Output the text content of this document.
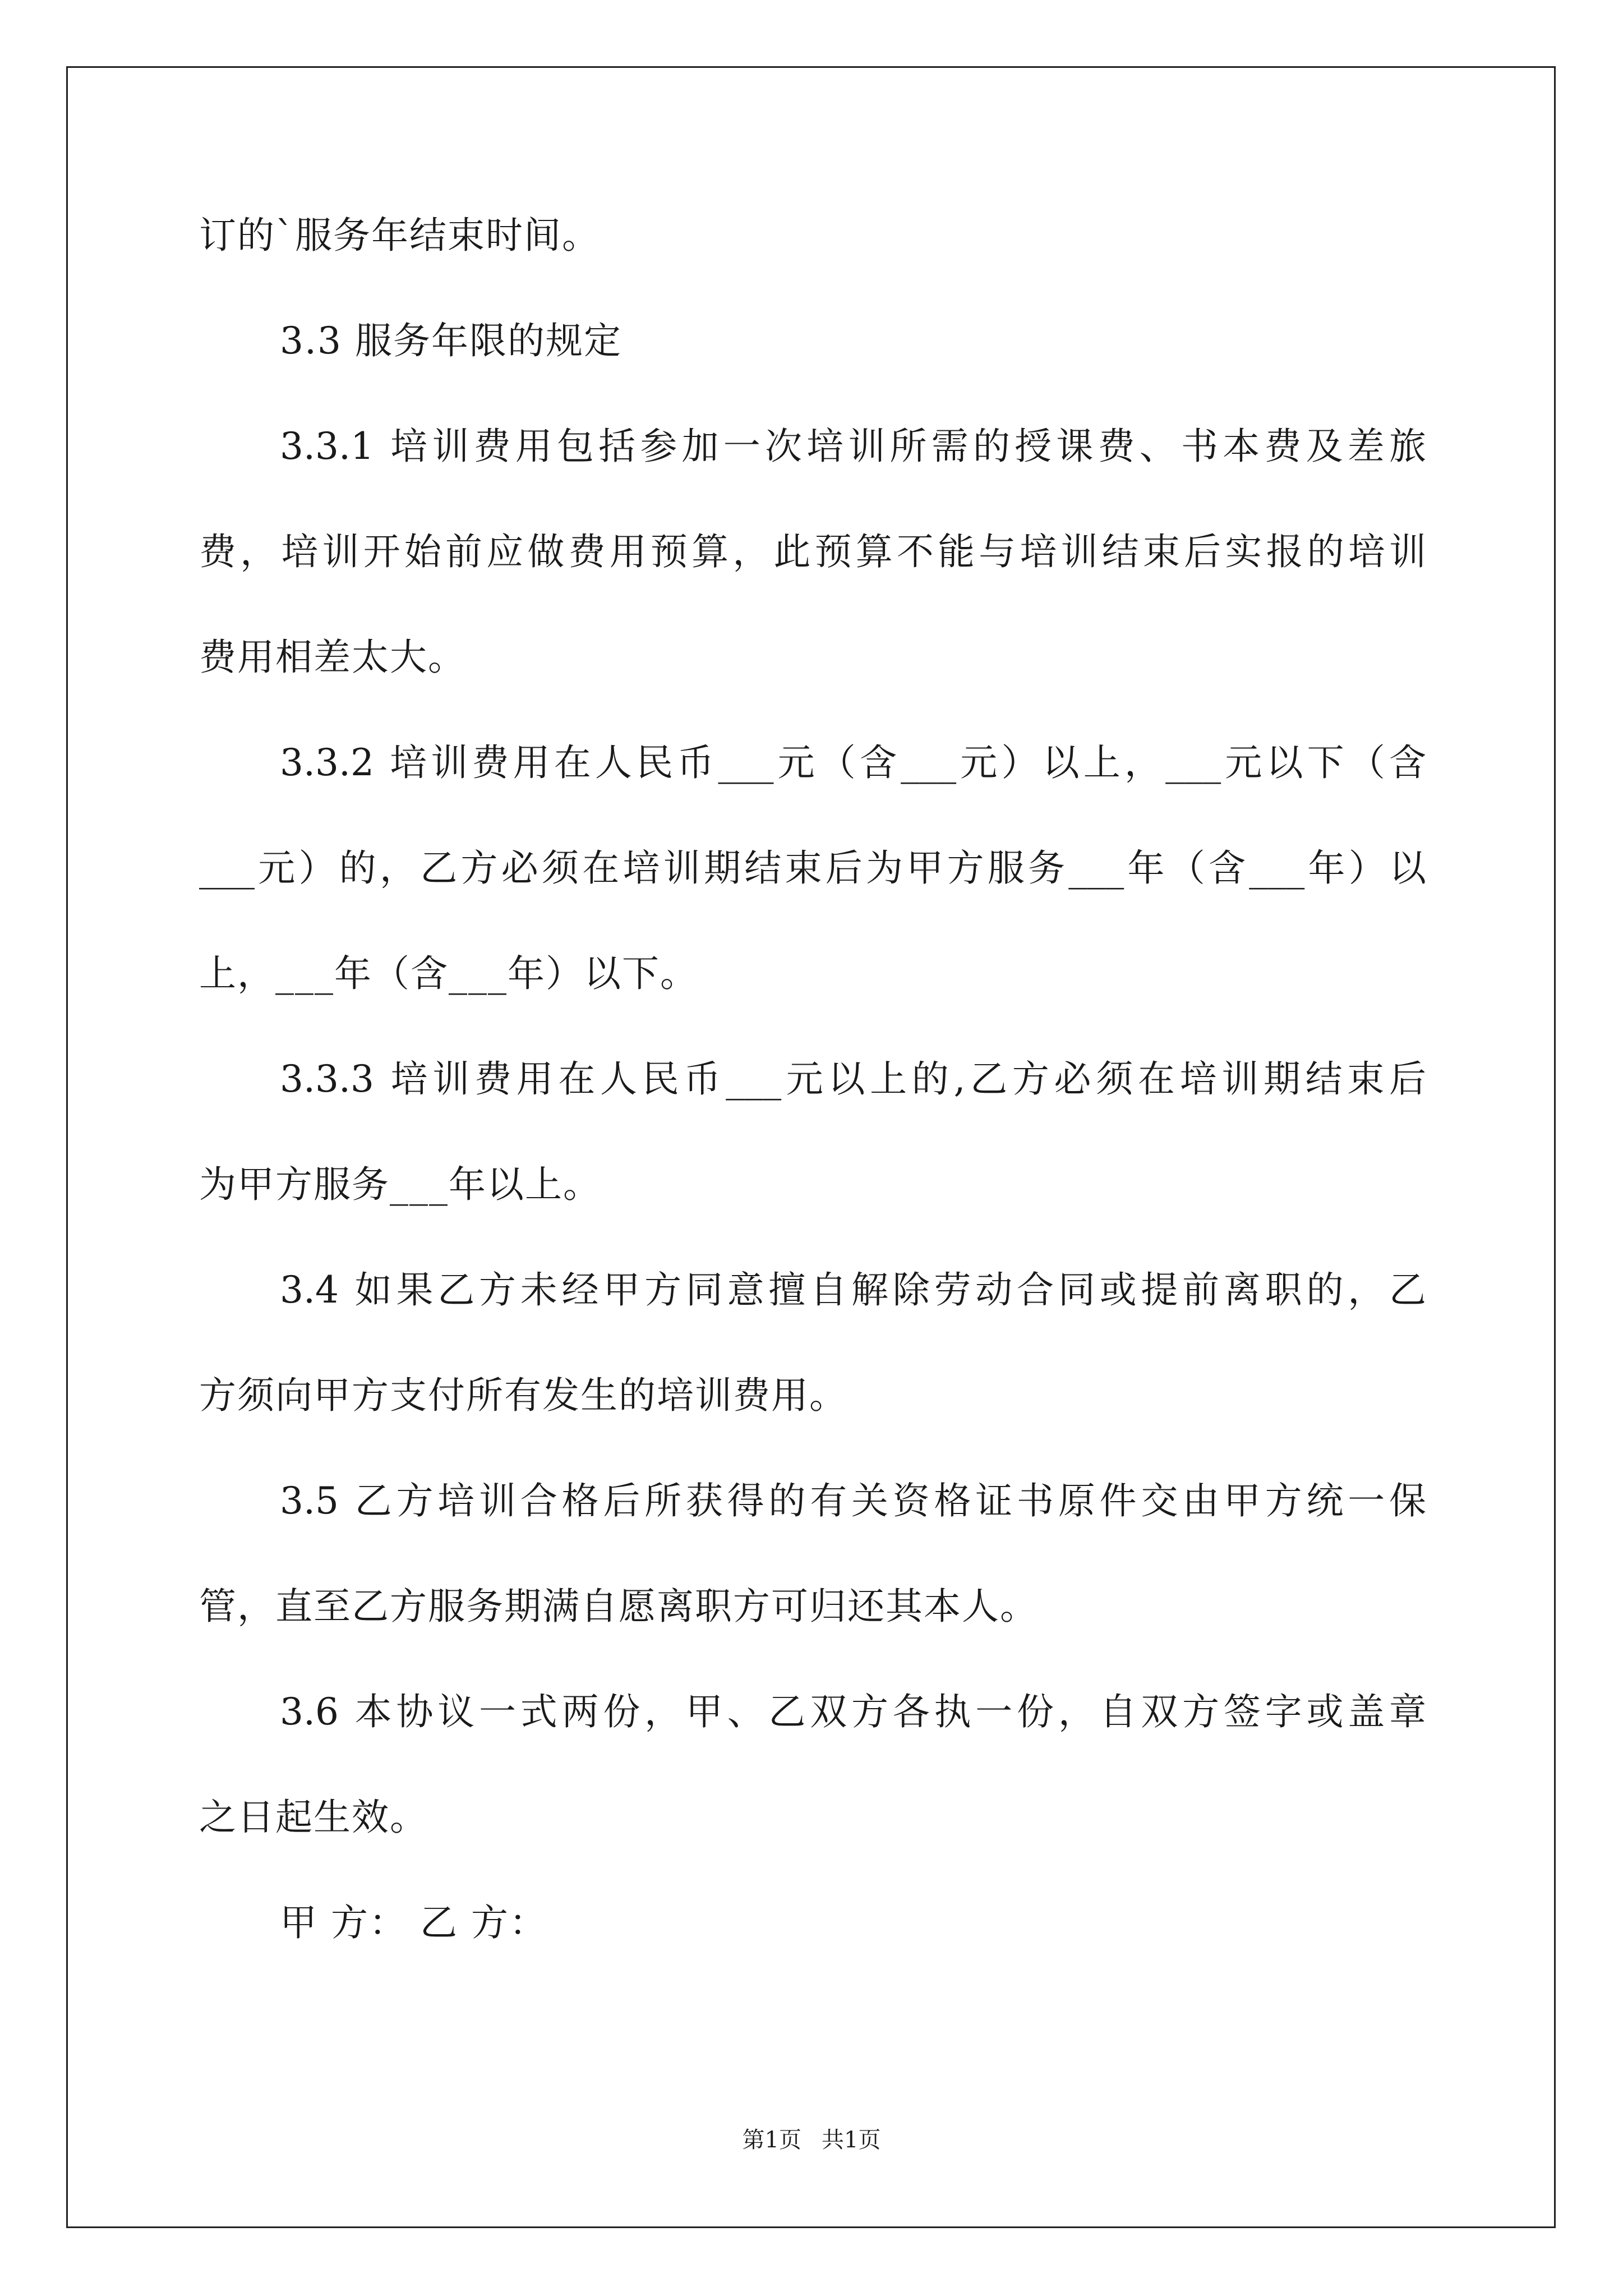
订的`服务年结束时间。
3.3 服务年限的规定
3.3.1 培训费用包括参加一次培训所需的授课费、书本费及差旅
费，培训开始前应做费用预算，此预算不能与培训结束后实报的培训
费用相差太大。
3.3.2 培训费用在人民币___元（含___元）以上，___元以下（含
___元）的，乙方必须在培训期结束后为甲方服务___年（含___年）以
上，___年（含___年）以下。
3.3.3 培训费用在人民币___元以上的,乙方必须在培训期结束后
为甲方服务___年以上。
3.4 如果乙方未经甲方同意擅自解除劳动合同或提前离职的，乙
方须向甲方支付所有发生的培训费用。
3.5 乙方培训合格后所获得的有关资格证书原件交由甲方统一保
管，直至乙方服务期满自愿离职方可归还其本人。
3.6 本协议一式两份，甲、乙双方各执一份，自双方签字或盖章
之日起生效。
甲 方： 乙 方：
第1页 共1页
